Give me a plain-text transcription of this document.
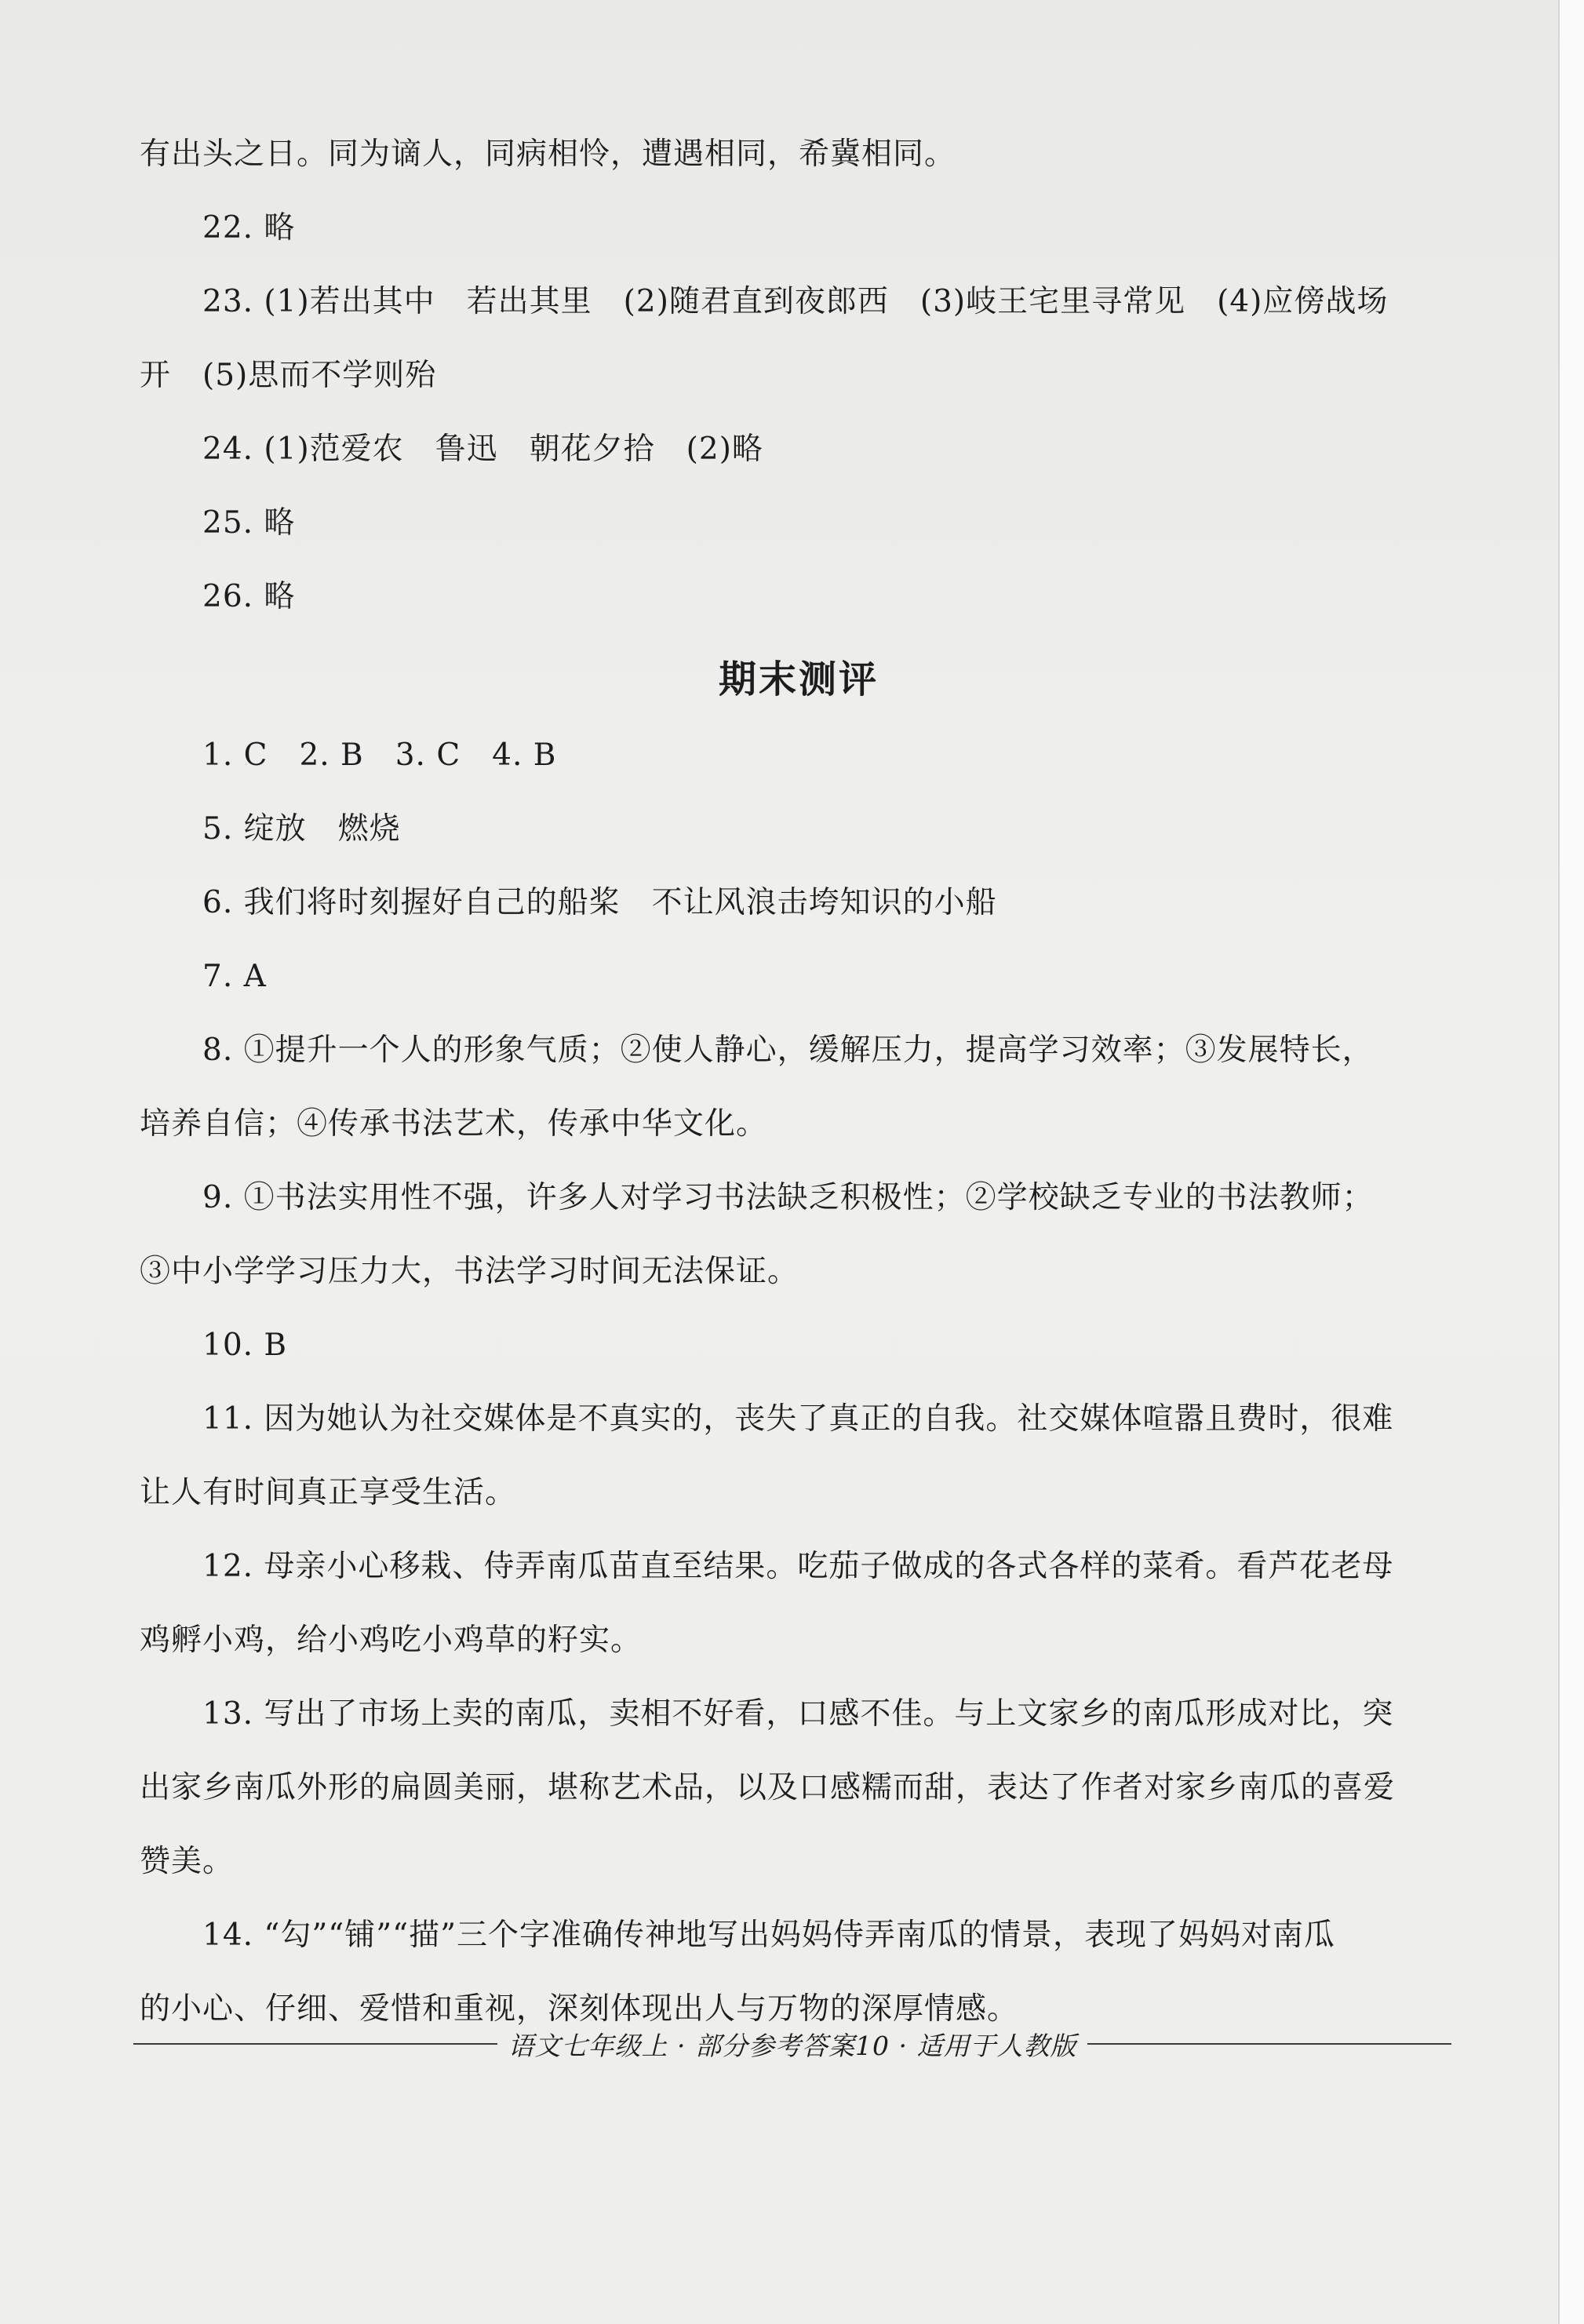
有出头之日。同为谪人，同病相怜，遭遇相同，希冀相同。
22. 略
23. (1)若出其中　若出其里　(2)随君直到夜郎西　(3)岐王宅里寻常见　(4)应傍战场
开　(5)思而不学则殆
24. (1)范爱农　鲁迅　朝花夕拾　(2)略
25. 略
26. 略
期末测评
1. C　2. B　3. C　4. B
5. 绽放　燃烧
6. 我们将时刻握好自己的船桨　不让风浪击垮知识的小船
7. A
8. ①提升一个人的形象气质；②使人静心，缓解压力，提高学习效率；③发展特长，
培养自信；④传承书法艺术，传承中华文化。
9. ①书法实用性不强，许多人对学习书法缺乏积极性；②学校缺乏专业的书法教师；
③中小学学习压力大，书法学习时间无法保证。
10. B
11. 因为她认为社交媒体是不真实的，丧失了真正的自我。社交媒体喧嚣且费时，很难
让人有时间真正享受生活。
12. 母亲小心移栽、侍弄南瓜苗直至结果。吃茄子做成的各式各样的菜肴。看芦花老母
鸡孵小鸡，给小鸡吃小鸡草的籽实。
13. 写出了市场上卖的南瓜，卖相不好看，口感不佳。与上文家乡的南瓜形成对比，突
出家乡南瓜外形的扁圆美丽，堪称艺术品，以及口感糯而甜，表达了作者对家乡南瓜的喜爱
赞美。
14. “勾”“铺”“描”三个字准确传神地写出妈妈侍弄南瓜的情景，表现了妈妈对南瓜
的小心、仔细、爱惜和重视，深刻体现出人与万物的深厚情感。
语文七年级上 · 部分参考答案10 · 适用于人教版
